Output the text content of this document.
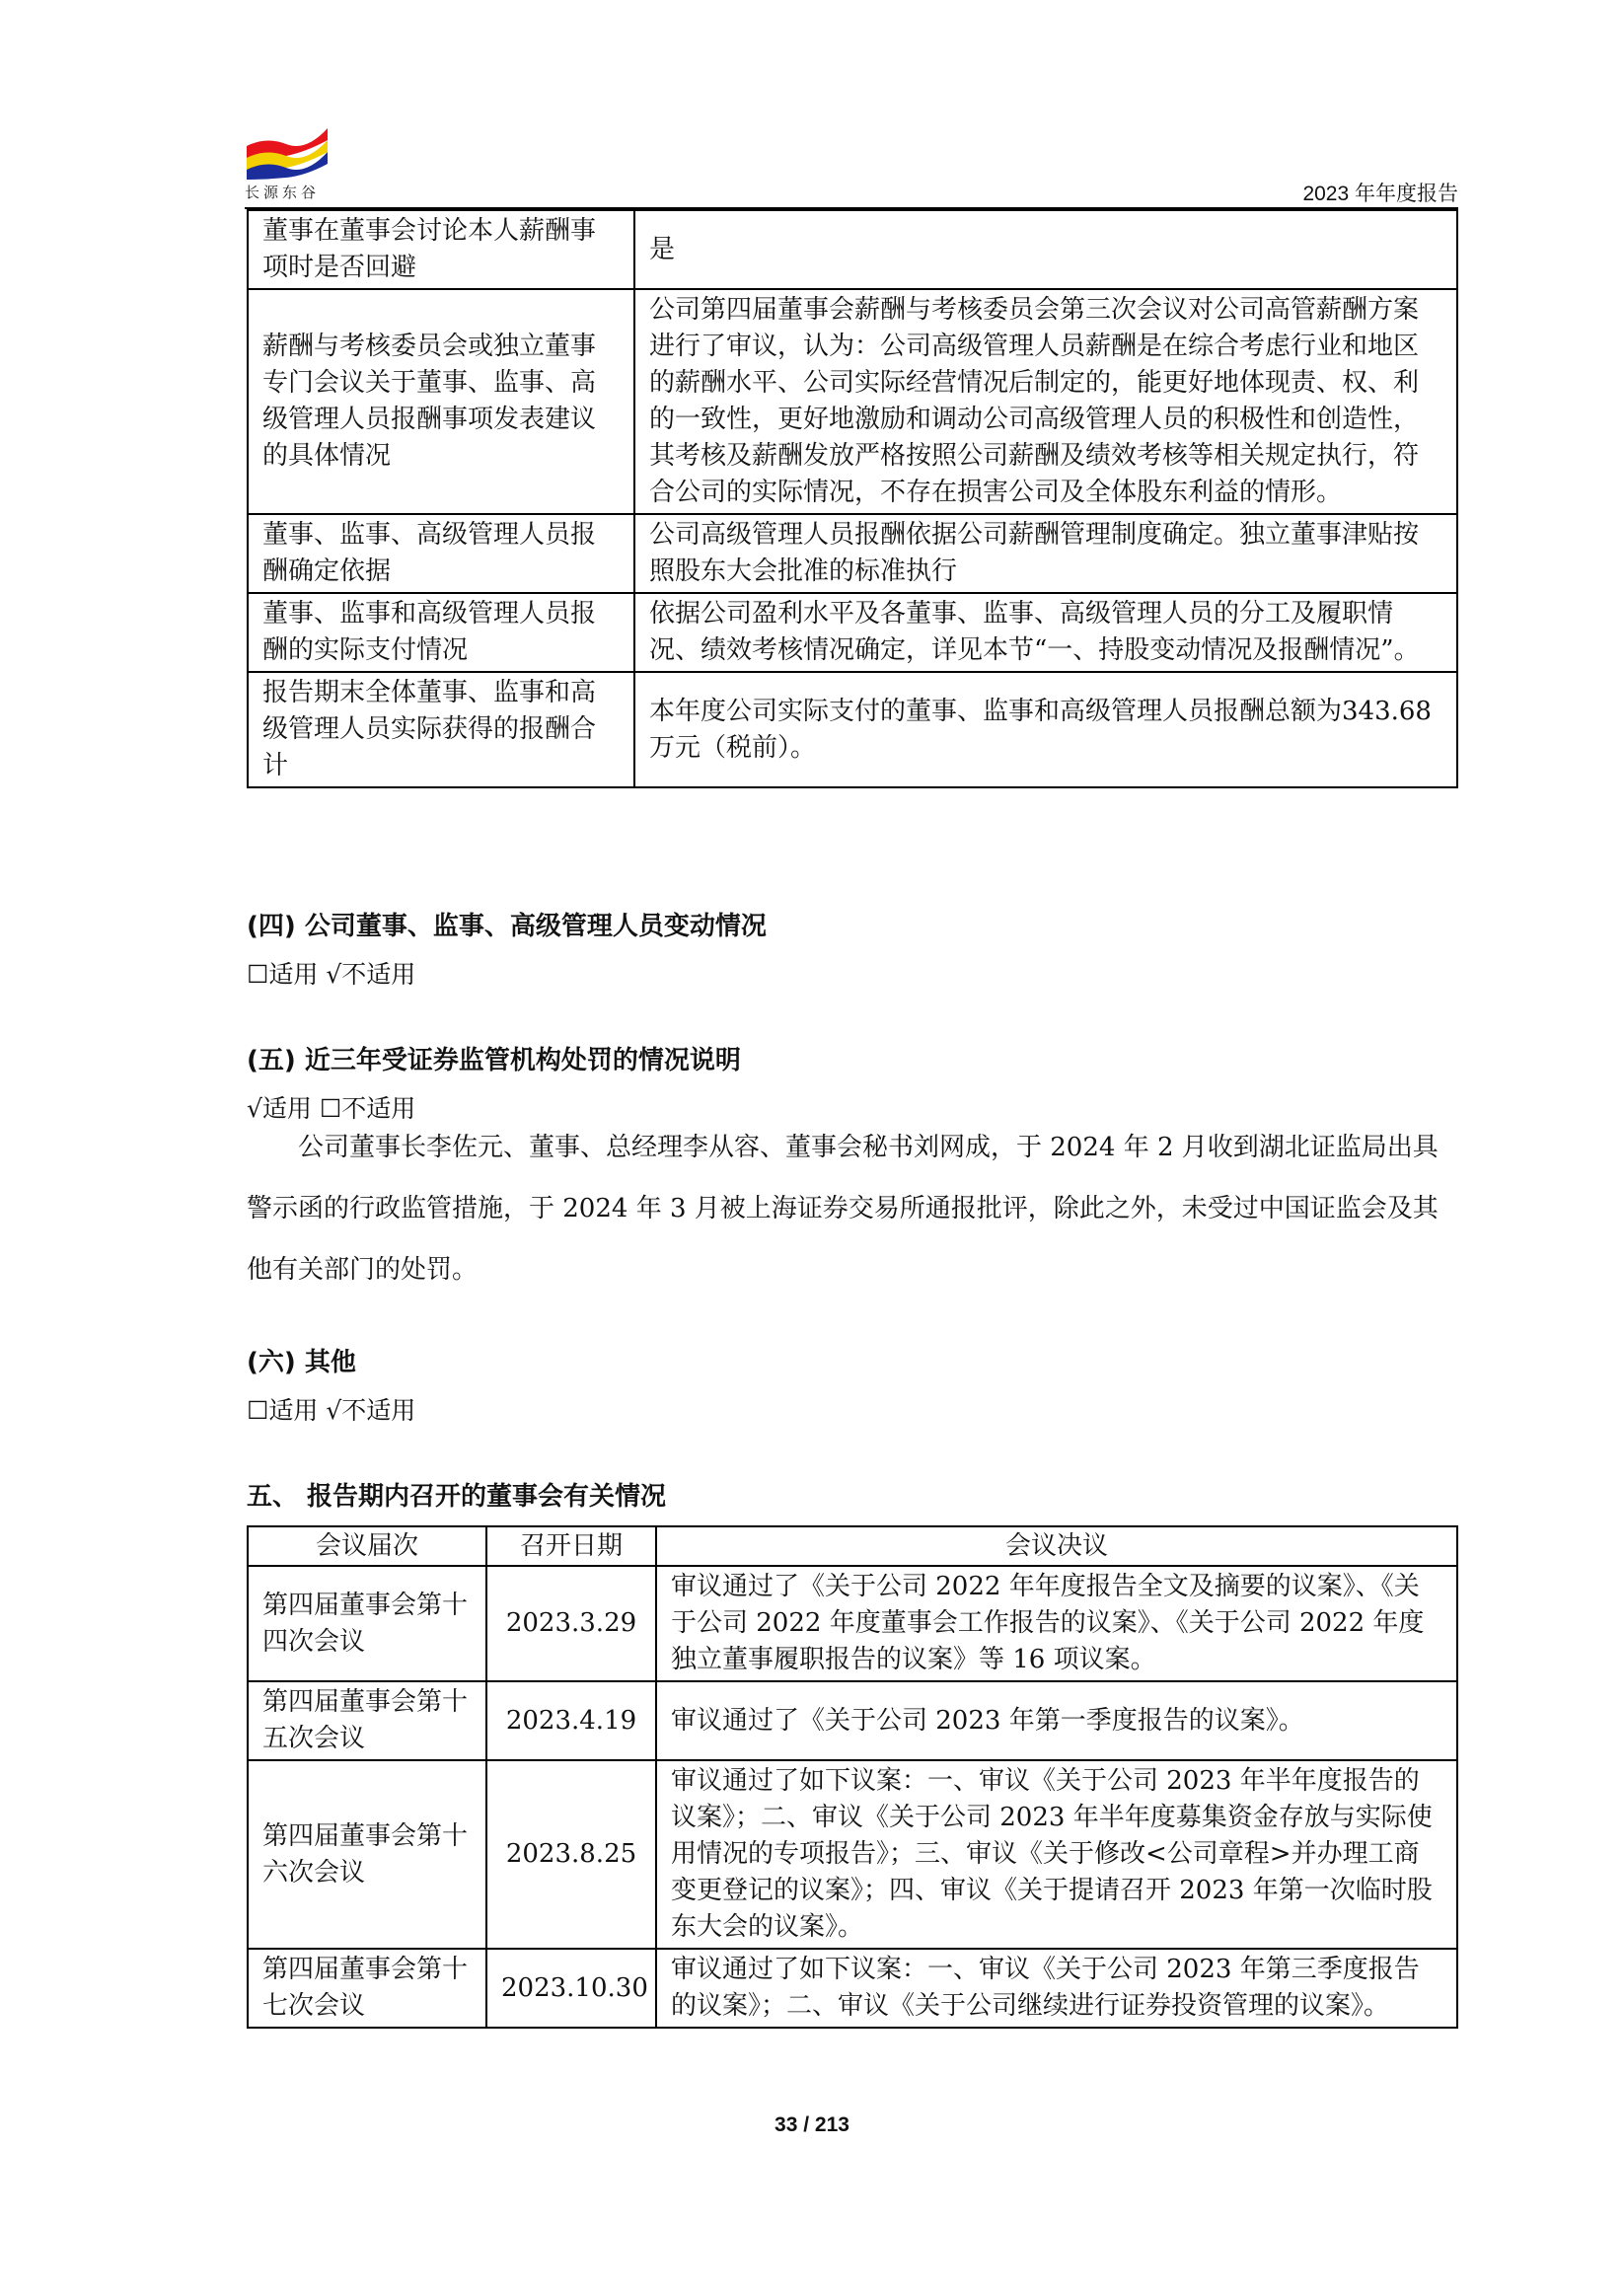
长源东谷	2023 年年度报告
董事在董事会讨论本人薪酬事项时是否回避	是
薪酬与考核委员会或独立董事专门会议关于董事、监事、高级管理人员报酬事项发表建议的具体情况	公司第四届董事会薪酬与考核委员会第三次会议对公司高管薪酬方案进行了审议，认为：公司高级管理人员薪酬是在综合考虑行业和地区的薪酬水平、公司实际经营情况后制定的，能更好地体现责、权、利的一致性，更好地激励和调动公司高级管理人员的积极性和创造性，其考核及薪酬发放严格按照公司薪酬及绩效考核等相关规定执行，符合公司的实际情况，不存在损害公司及全体股东利益的情形。
董事、监事、高级管理人员报酬确定依据	公司高级管理人员报酬依据公司薪酬管理制度确定。独立董事津贴按照股东大会批准的标准执行
董事、监事和高级管理人员报酬的实际支付情况	依据公司盈利水平及各董事、监事、高级管理人员的分工及履职情况、绩效考核情况确定，详见本节“一、持股变动情况及报酬情况”。
报告期末全体董事、监事和高级管理人员实际获得的报酬合计	本年度公司实际支付的董事、监事和高级管理人员报酬总额为343.68 万元（税前）。
(四) 公司董事、监事、高级管理人员变动情况
☐适用 √不适用
(五) 近三年受证券监管机构处罚的情况说明
√适用 ☐不适用
公司董事长李佐元、董事、总经理李从容、董事会秘书刘网成，于 2024 年 2 月收到湖北证监局出具警示函的行政监管措施，于 2024 年 3 月被上海证券交易所通报批评，除此之外，未受过中国证监会及其他有关部门的处罚。
(六) 其他
☐适用 √不适用
五、 报告期内召开的董事会有关情况
会议届次	召开日期	会议决议
第四届董事会第十四次会议	2023.3.29	审议通过了《关于公司 2022 年年度报告全文及摘要的议案》、《关于公司 2022 年度董事会工作报告的议案》、《关于公司 2022 年度独立董事履职报告的议案》等 16 项议案。
第四届董事会第十五次会议	2023.4.19	审议通过了《关于公司 2023 年第一季度报告的议案》。
第四届董事会第十六次会议	2023.8.25	审议通过了如下议案：一、审议《关于公司 2023 年半年度报告的议案》；二、审议《关于公司 2023 年半年度募集资金存放与实际使用情况的专项报告》；三、审议《关于修改<公司章程>并办理工商变更登记的议案》；四、审议《关于提请召开 2023 年第一次临时股东大会的议案》。
第四届董事会第十七次会议	2023.10.30	审议通过了如下议案：一、审议《关于公司 2023 年第三季度报告的议案》；二、审议《关于公司继续进行证券投资管理的议案》。
33 / 213
